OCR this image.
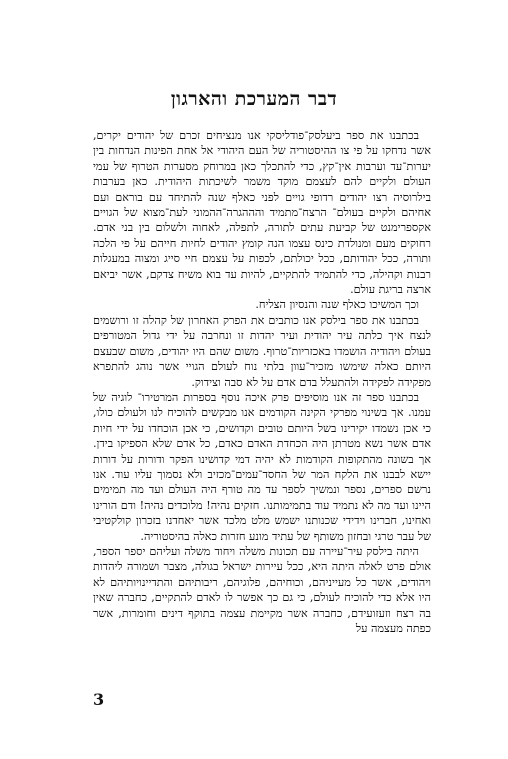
דבר המערכת והארגון

בכתבנו את ספר ביעלסק־פודליסקי אנו מנציחים זכרם של יהודים יקרים, אשר נדחקו על פי צו ההיסטוריה של העם היהודי אל אחת הפינות הנדחות בין יערות־עד וערבות אין־קץ, כדי להתכלך כאן במרוחק מסערות הטרוף של עמי העולם ולקיים להם לעצמם מוקד משמר לשיכתות היהודית. כאן בערבות בילרוסיה רצו יהודים רדופי גויים לפני כאלף שנה להתיחד עם בוראם ועם אחיהם ולקיים בעולם־ הרצח־מתמיד והההגרה־ההמוני לעת־מצוא של הגויים אקספרימנט של קביעת עתים לתורה, לתפלה, לאחוה ולשלום בין בני אדם. רחוקים מעם ומנולדת כינס עצמו הנה קומץ יהודים לחיות חייהם על פי הלכה ותורה, ככל יהודותם, ככל יכולתם, לכפות על עצמם חיי סייג ומצוה במעגלות רבנות וקהילה, כדי להתמיד להתקיים, להיות עד בוא משיח צדקם, אשר יביאם ארצה בריגת עולם.

וכך המשיכו כאלף שנה והנסיון הצליח.

בכתבנו את ספר בילסק אנו כותבים את הפרק האחרון של קהלה זו ורושמים לנצח איך כלתה עיר יהודית ועיר יהדות זו ונחרבה על ידי גדול המטורפים בעולם ויהודיה הושמדו באכזריות־טרוף. משום שהם היו יהודים, משום שבעצם היותם כאלה שימשו מזכיר־עוון בלתי נוח לעולם הגויי אשר נוהג להתפרא מפקידה לפקידה ולהתעלל בדם אדם על לא סבה וצידוק.

בכתבנו ספר זה אנו מוסיפים פרק איכה נוסף בספרות המרטירו־ לוגיה של עמנו. אך בשינוי מפרקי הקינה הקודמים אנו מבקשים להוכיח לנו ולעולם כולו, כי אכן נשמדו יקירינו בשל היותם טובים וקדושים, כי אכן הוכחדו על ידי חיות אדם אשר נשא מטרתן היה הכחדת האדם כאדם, כל אדם שלא הספיקו בידן. אך בשונה מהתקופות הקודמות לא יהיה דמי קדושינו הפקר ודורות על דורות יישא לבבנו את הלקח המר של החסד־עמים־מכזיב ולא נסמוך עליו עוד. אנו נרשם ספרים, נספר ונמשיך לספר עד מה טורף היה העולם ועד מה תמימים היינו ועד מה לא נתמיד עוד בתמימותנו. חזקים נהיה! מלוכדים נהיה! ודם הורינו ואחינו, חברינו וידידי שכנותנו ישמש מלט מלכד אשר יאחדנו בזכרון קולקטיבי של עבר טרגי ובחזון משותף של עתיד מונע חזרות כאלה בהיסטוריה.

היתה בילסק עיר־עיירה עם תכונות משלה ויחוד משלה ועליהם יספר הספר, אולם פרט לאלה היתה היא, ככל עיירות ישראל בגולה, מצבר ושמורה ליהדות ויהודים, אשר כל מעייניהם, וכוחיהם, פלוגיהם, ריבותיהם והתדיינויותיהם לא היו אלא כדי להוכיח לעולם, כי גם כך אפשר לו לאדם להתקיים, כחברה שאין בה רצח וזעזועידם, כחברה אשר מקיימת עצמה בתוקף דינים וחומרות, אשר כפתה מעצמה על

3
